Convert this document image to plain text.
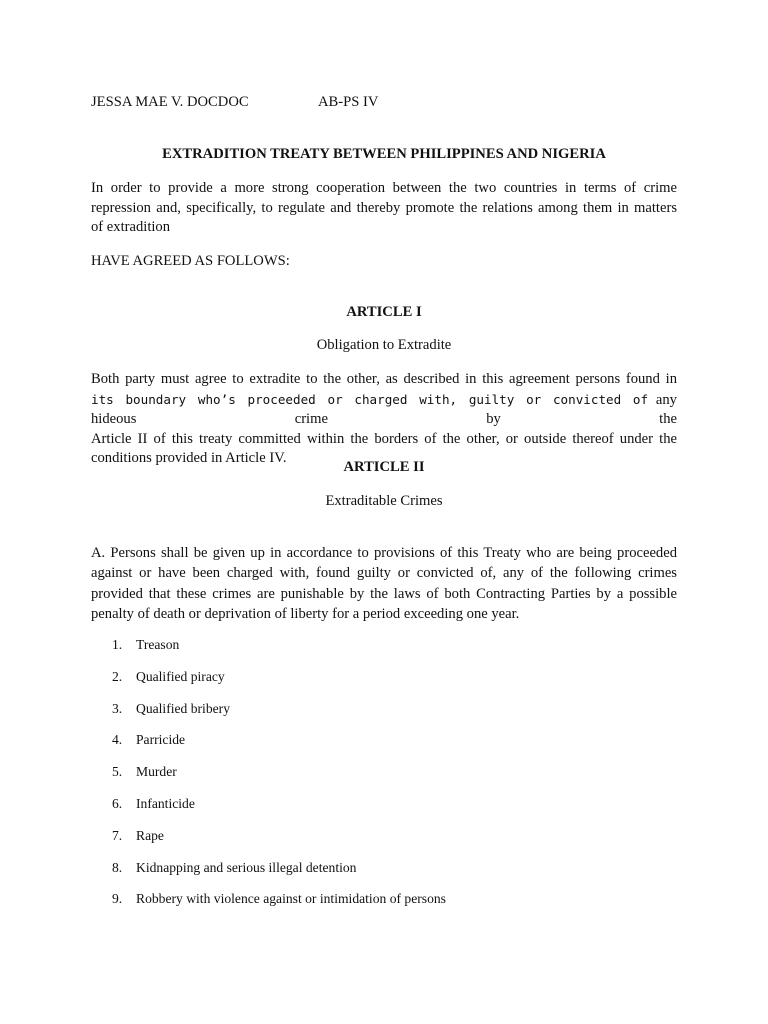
JESSA MAE V. DOCDOC	AB-PS IV
EXTRADITION TREATY BETWEEN PHILIPPINES AND NIGERIA
In order to provide a more strong cooperation between the two countries in terms of crime
repression and, specifically, to regulate and thereby promote the relations among them in matters
of extradition
HAVE AGREED AS FOLLOWS:
ARTICLE I
Obligation to Extradite
Both party must agree to extradite to the other, as described in this agreement persons found in
its boundary who’s proceeded or charged with, guilty or convicted of any hideous crime by the
Article II of this treaty committed within the borders of the other, or outside thereof under the
conditions provided in Article IV.
ARTICLE II
Extraditable Crimes
A. Persons shall be given up in accordance to provisions of this Treaty who are being proceeded
against or have been charged with, found guilty or convicted of, any of the following crimes
provided that these crimes are punishable by the laws of both Contracting Parties by a possible
penalty of death or deprivation of liberty for a period exceeding one year.
1.	Treason
2.	Qualified piracy
3.	Qualified bribery
4.	Parricide
5.	Murder
6.	Infanticide
7.	Rape
8.	Kidnapping and serious illegal detention
9.	Robbery with violence against or intimidation of persons
